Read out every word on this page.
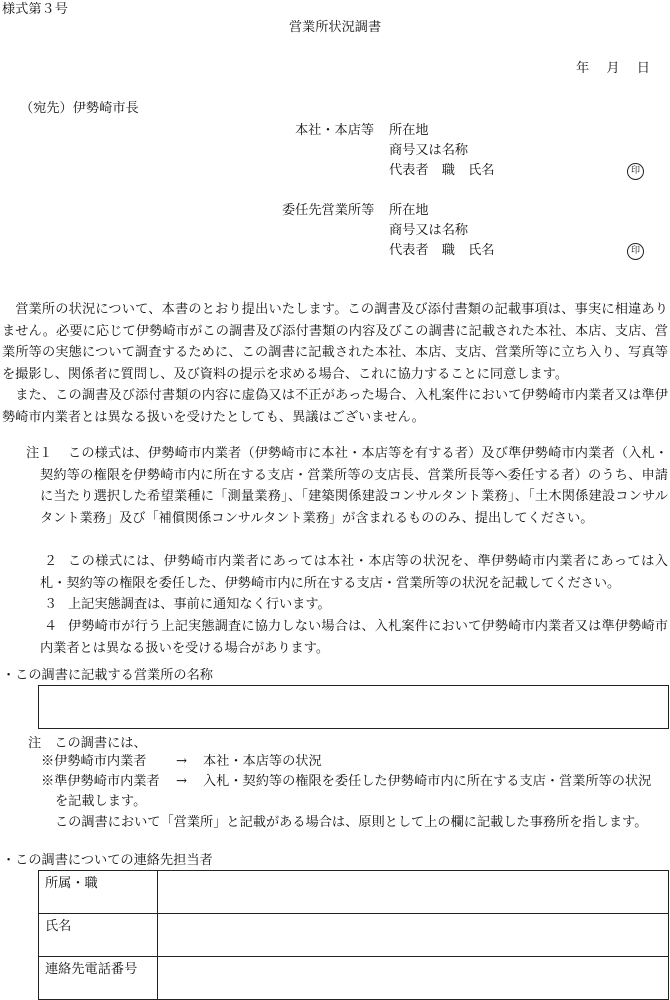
様式第３号
営業所状況調書
年　月　日
（宛先）伊勢崎市長
本社・本店等 所在地
商号又は名称
代表者　職　氏名	印
委任先営業所等 所在地
商号又は名称
代表者　職　氏名	印
営業所の状況について、本書のとおり提出いたします。この調書及び添付書類の記載事項は、事実に相違ありません。必要に応じて伊勢崎市がこの調書及び添付書類の内容及びこの調書に記載された本社、本店、支店、営業所等の実態について調査するために、この調書に記載された本社、本店、支店、営業所等に立ち入り、写真等を撮影し、関係者に質問し、及び資料の提示を求める場合、これに協力することに同意します。
また、この調書及び添付書類の内容に虚偽又は不正があった場合、入札案件において伊勢崎市内業者又は準伊勢崎市内業者とは異なる扱いを受けたとしても、異議はございません。
注１	この様式は、伊勢崎市内業者（伊勢崎市に本社・本店等を有する者）及び準伊勢崎市内業者（入札・契約等の権限を伊勢崎市内に所在する支店・営業所等の支店長、営業所長等へ委任する者）のうち、申請に当たり選択した希望業種に「測量業務」、「建築関係建設コンサルタント業務」、「土木関係建設コンサルタント業務」及び「補償関係コンサルタント業務」が含まれるもののみ、提出してください。
２ この様式には、伊勢崎市内業者にあっては本社・本店等の状況を、準伊勢崎市内業者にあっては入札・契約等の権限を委任した、伊勢崎市内に所在する支店・営業所等の状況を記載してください。
３ 上記実態調査は、事前に通知なく行います。
４ 伊勢崎市が行う上記実態調査に協力しない場合は、入札案件において伊勢崎市内業者又は準伊勢崎市内業者とは異なる扱いを受ける場合があります。
・この調書に記載する営業所の名称
注　この調書には、
※伊勢崎市内業者 → 本社・本店等の状況
※準伊勢崎市内業者 → 入札・契約等の権限を委任した伊勢崎市内に所在する支店・営業所等の状況
を記載します。
この調書において「営業所」と記載がある場合は、原則として上の欄に記載した事務所を指します。
・この調書についての連絡先担当者
所属・職	
氏名	
連絡先電話番号	
